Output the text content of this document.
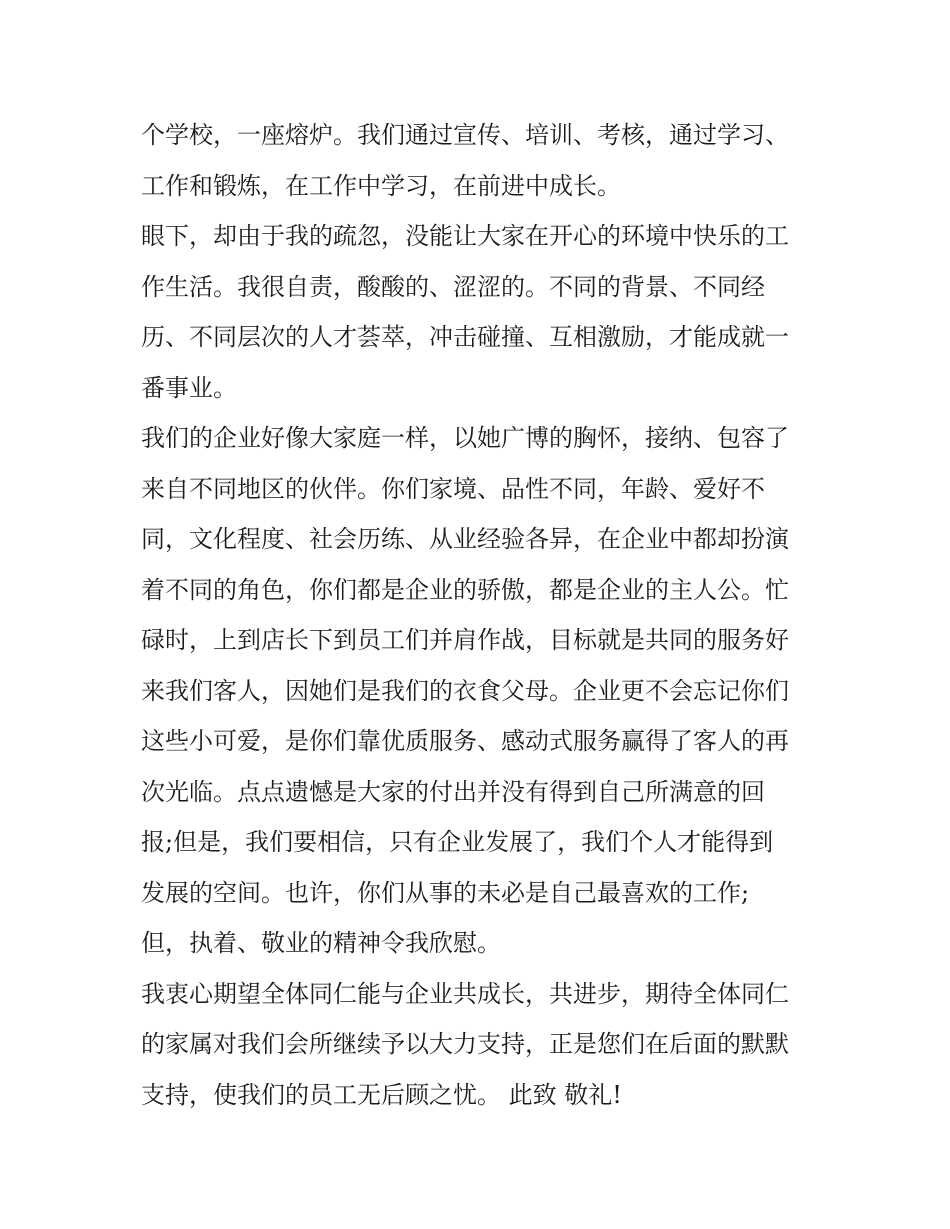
个学校，一座熔炉。我们通过宣传、培训、考核，通过学习、
工作和锻炼，在工作中学习，在前进中成长。
眼下，却由于我的疏忽，没能让大家在开心的环境中快乐的工
作生活。我很自责，酸酸的、涩涩的。不同的背景、不同经
历、不同层次的人才荟萃，冲击碰撞、互相激励，才能成就一
番事业。
我们的企业好像大家庭一样，以她广博的胸怀，接纳、包容了
来自不同地区的伙伴。你们家境、品性不同，年龄、爱好不
同，文化程度、社会历练、从业经验各异，在企业中都却扮演
着不同的角色，你们都是企业的骄傲，都是企业的主人公。忙
碌时，上到店长下到员工们并肩作战，目标就是共同的服务好
来我们客人，因她们是我们的衣食父母。企业更不会忘记你们
这些小可爱，是你们靠优质服务、感动式服务赢得了客人的再
次光临。点点遗憾是大家的付出并没有得到自己所满意的回
报;但是，我们要相信，只有企业发展了，我们个人才能得到
发展的空间。也许，你们从事的未必是自己最喜欢的工作;
但，执着、敬业的精神令我欣慰。
我衷心期望全体同仁能与企业共成长，共进步，期待全体同仁
的家属对我们会所继续予以大力支持，正是您们在后面的默默
支持，使我们的员工无后顾之忧。 此致 敬礼!
